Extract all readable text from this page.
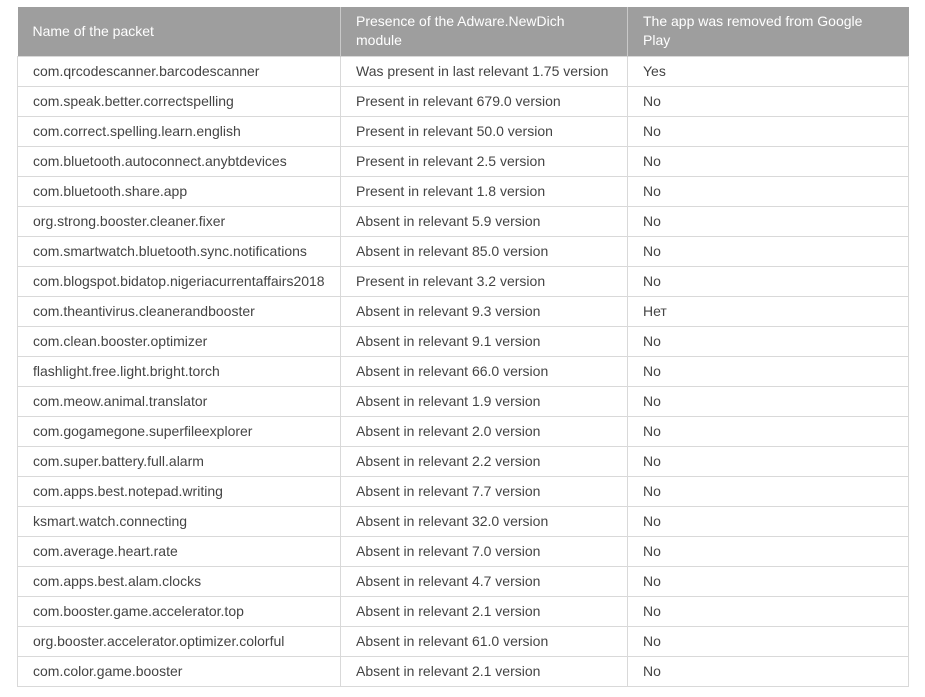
Name of the packet	Presence of the Adware.NewDich module	The app was removed from Google Play
com.qrcodescanner.barcodescanner	Was present in last relevant 1.75 version	Yes
com.speak.better.correctspelling	Present in relevant 679.0 version	No
com.correct.spelling.learn.english	Present in relevant 50.0 version	No
com.bluetooth.autoconnect.anybtdevices	Present in relevant 2.5 version	No
com.bluetooth.share.app	Present in relevant 1.8 version	No
org.strong.booster.cleaner.fixer	Absent in relevant 5.9 version	No
com.smartwatch.bluetooth.sync.notifications	Absent in relevant 85.0 version	No
com.blogspot.bidatop.nigeriacurrentaffairs2018	Present in relevant 3.2 version	No
com.theantivirus.cleanerandbooster	Absent in relevant 9.3 version	Нет
com.clean.booster.optimizer	Absent in relevant 9.1 version	No
flashlight.free.light.bright.torch	Absent in relevant 66.0 version	No
com.meow.animal.translator	Absent in relevant 1.9 version	No
com.gogamegone.superfileexplorer	Absent in relevant 2.0 version	No
com.super.battery.full.alarm	Absent in relevant 2.2 version	No
com.apps.best.notepad.writing	Absent in relevant 7.7 version	No
ksmart.watch.connecting	Absent in relevant 32.0 version	No
com.average.heart.rate	Absent in relevant 7.0 version	No
com.apps.best.alam.clocks	Absent in relevant 4.7 version	No
com.booster.game.accelerator.top	Absent in relevant 2.1 version	No
org.booster.accelerator.optimizer.colorful	Absent in relevant 61.0 version	No
com.color.game.booster	Absent in relevant 2.1 version	No
